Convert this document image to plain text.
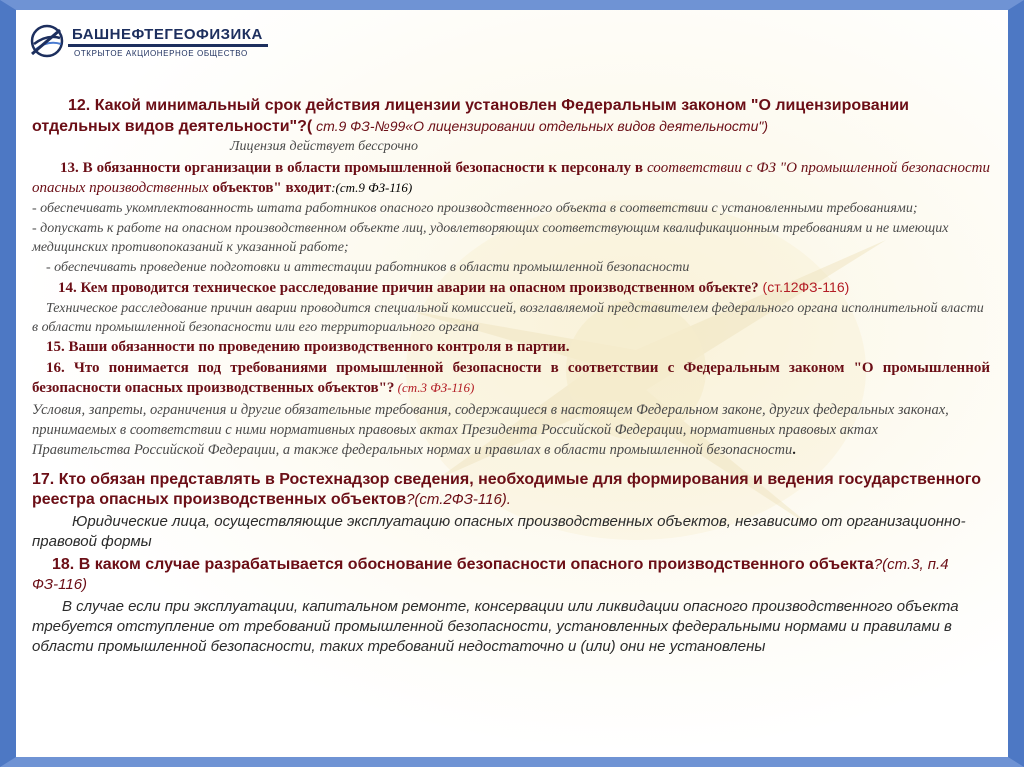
БАШНЕФТЕГЕОФИЗИКА
ОТКРЫТОЕ АКЦИОНЕРНОЕ ОБЩЕСТВО

12. Какой минимальный срок действия лицензии установлен Федеральным законом "О лицензировании отдельных видов деятельности"?( ст.9 ФЗ-№99«О лицензировании отдельных видов деятельности")

Лицензия действует бессрочно

13. В обязанности организации в области промышленной безопасности к персоналу в соответствии с ФЗ "О промышленной безопасности опасных производственных объектов" входит:(ст.9 ФЗ-116)

- обеспечивать укомплектованность штата работников опасного производственного объекта в соответствии с установленными требованиями;

- допускать к работе на опасном производственном объекте лиц, удовлетворяющих соответствующим квалификационным требованиям и не имеющих медицинских противопоказаний к указанной работе;

- обеспечивать проведение подготовки и аттестации работников в области промышленной безопасности

14. Кем проводится техническое расследование причин аварии на опасном производственном объекте? (ст.12ФЗ-116)

Техническое расследование причин аварии проводится специальной комиссией, возглавляемой представителем федерального органа исполнительной власти в области промышленной безопасности или его территориального органа

15. Ваши обязанности по проведению производственного контроля в партии.

16. Что понимается под требованиями промышленной безопасности в соответствии с Федеральным законом "О промышленной безопасности опасных производственных объектов"? (ст.3 ФЗ-116)

Условия, запреты, ограничения и другие обязательные требования, содержащиеся в настоящем Федеральном законе, других федеральных законах, принимаемых в соответствии с ними нормативных правовых актах Президента Российской Федерации, нормативных правовых актах Правительства Российской Федерации, а также федеральных нормах и правилах в области промышленной безопасности.

17. Кто обязан представлять в Ростехнадзор сведения, необходимые для формирования и ведения государственного реестра опасных производственных объектов?(ст.2ФЗ-116).

Юридические лица, осуществляющие эксплуатацию опасных производственных объектов, независимо от организационно-правовой формы

18. В каком случае разрабатывается обоснование безопасности опасного производственного объекта?(ст.3, п.4 ФЗ-116)

В случае если при эксплуатации, капитальном ремонте, консервации или ликвидации опасного производственного объекта требуется отступление от требований промышленной безопасности, установленных федеральными нормами и правилами в области промышленной безопасности, таких требований недостаточно и (или) они не установлены
